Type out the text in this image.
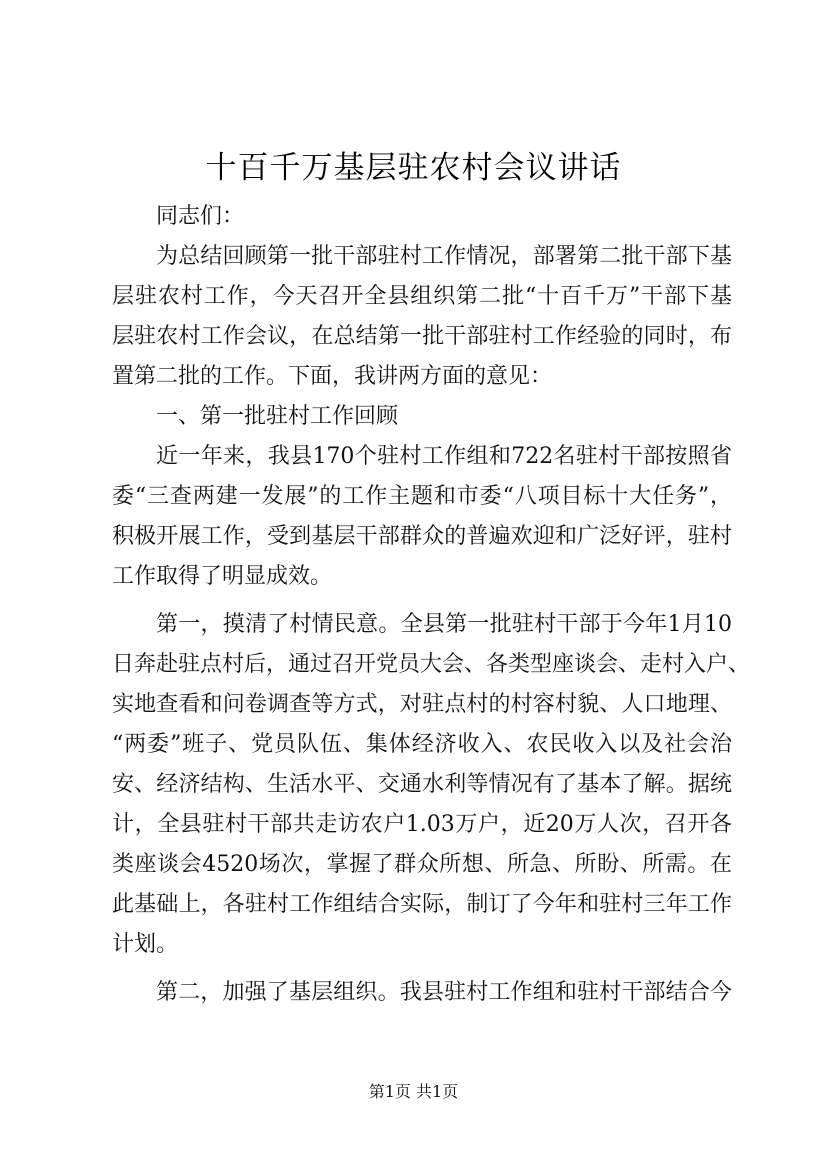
十百千万基层驻农村会议讲话
同志们：
为总结回顾第一批干部驻村工作情况，部署第二批干部下基
层驻农村工作，今天召开全县组织第二批“十百千万”干部下基
层驻农村工作会议，在总结第一批干部驻村工作经验的同时，布
置第二批的工作。下面，我讲两方面的意见：
一、第一批驻村工作回顾
近一年来，我县170个驻村工作组和722名驻村干部按照省
委“三查两建一发展”的工作主题和市委“八项目标十大任务”，
积极开展工作，受到基层干部群众的普遍欢迎和广泛好评，驻村
工作取得了明显成效。
第一，摸清了村情民意。全县第一批驻村干部于今年1月10
日奔赴驻点村后，通过召开党员大会、各类型座谈会、走村入户、
实地查看和问卷调查等方式，对驻点村的村容村貌、人口地理、
“两委”班子、党员队伍、集体经济收入、农民收入以及社会治
安、经济结构、生活水平、交通水利等情况有了基本了解。据统
计，全县驻村干部共走访农户1.03万户，近20万人次，召开各
类座谈会4520场次，掌握了群众所想、所急、所盼、所需。在
此基础上，各驻村工作组结合实际，制订了今年和驻村三年工作
计划。
第二，加强了基层组织。我县驻村工作组和驻村干部结合今
第1页 共1页
